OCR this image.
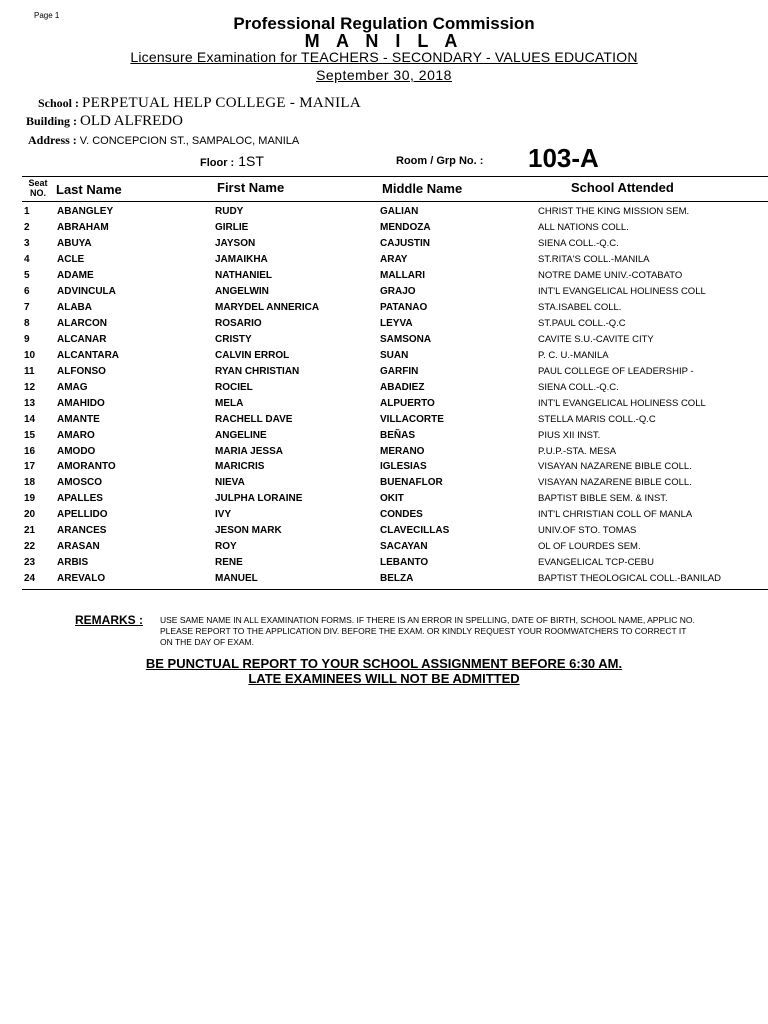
Page 1	Professional Regulation Commission
M A N I L A
Licensure Examination for TEACHERS - SECONDARY - VALUES EDUCATION
September 30, 2018
School : PERPETUAL HELP COLLEGE - MANILA
Building : OLD ALFREDO
Address : V. CONCEPCION ST., SAMPALOC, MANILA
Floor : 1ST	Room / Grp No. : 103-A
Seat NO. Last Name	First Name	Middle Name	School Attended
1	ABANGLEY	RUDY	GALIAN	CHRIST THE KING MISSION SEM.
2	ABRAHAM	GIRLIE	MENDOZA	ALL NATIONS COLL.
3	ABUYA	JAYSON	CAJUSTIN	SIENA COLL.-Q.C.
4	ACLE	JAMAIKHA	ARAY	ST.RITA'S COLL.-MANILA
5	ADAME	NATHANIEL	MALLARI	NOTRE DAME UNIV.-COTABATO
6	ADVINCULA	ANGELWIN	GRAJO	INT'L EVANGELICAL HOLINESS COLL
7	ALABA	MARYDEL ANNERICA	PATANAO	STA.ISABEL COLL.
8	ALARCON	ROSARIO	LEYVA	ST.PAUL COLL.-Q.C
9	ALCANAR	CRISTY	SAMSONA	CAVITE S.U.-CAVITE CITY
10	ALCANTARA	CALVIN ERROL	SUAN	P. C. U.-MANILA
11	ALFONSO	RYAN CHRISTIAN	GARFIN	PAUL COLLEGE OF LEADERSHIP -
12	AMAG	ROCIEL	ABADIEZ	SIENA COLL.-Q.C.
13	AMAHIDO	MELA	ALPUERTO	INT'L EVANGELICAL HOLINESS COLL
14	AMANTE	RACHELL DAVE	VILLACORTE	STELLA MARIS COLL.-Q.C
15	AMARO	ANGELINE	BEÑAS	PIUS XII INST.
16	AMODO	MARIA JESSA	MERANO	P.U.P.-STA. MESA
17	AMORANTO	MARICRIS	IGLESIAS	VISAYAN NAZARENE BIBLE COLL.
18	AMOSCO	NIEVA	BUENAFLOR	VISAYAN NAZARENE BIBLE COLL.
19	APALLES	JULPHA LORAINE	OKIT	BAPTIST BIBLE SEM. & INST.
20	APELLIDO	IVY	CONDES	INT'L CHRISTIAN COLL OF MANLA
21	ARANCES	JESON MARK	CLAVECILLAS	UNIV.OF STO. TOMAS
22	ARASAN	ROY	SACAYAN	OL OF LOURDES SEM.
23	ARBIS	RENE	LEBANTO	EVANGELICAL TCP-CEBU
24	AREVALO	MANUEL	BELZA	BAPTIST THEOLOGICAL COLL.-BANILAD
REMARKS : USE SAME NAME IN ALL EXAMINATION FORMS. IF THERE IS AN ERROR IN SPELLING, DATE OF BIRTH, SCHOOL NAME, APPLIC NO. PLEASE REPORT TO THE APPLICATION DIV. BEFORE THE EXAM. OR KINDLY REQUEST YOUR ROOMWATCHERS TO CORRECT IT ON THE DAY OF EXAM.
BE PUNCTUAL REPORT TO YOUR SCHOOL ASSIGNMENT BEFORE 6:30 AM.
LATE EXAMINEES WILL NOT BE ADMITTED
